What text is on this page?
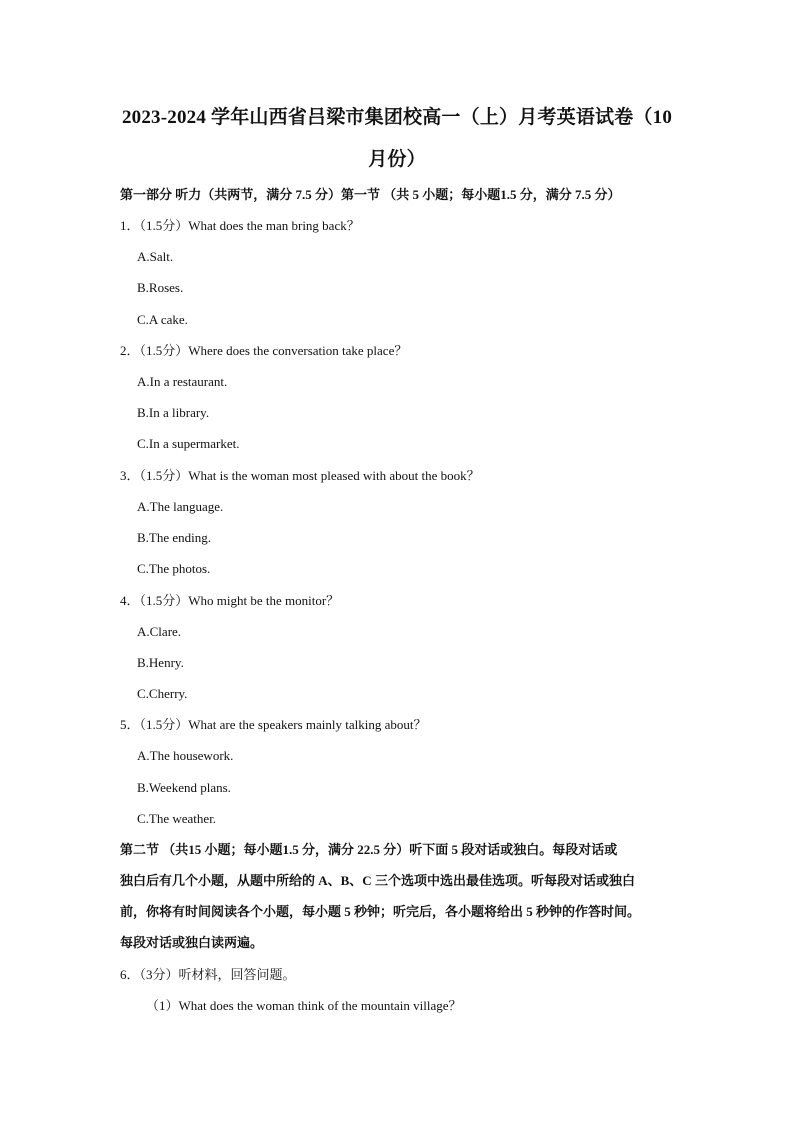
2023-2024 学年山西省吕梁市集团校高一（上）月考英语试卷（10
月份）
第一部分 听力（共两节，满分 7.5 分）第一节 （共 5 小题；每小题1.5 分，满分 7.5 分）
1．（1.5分）What does the man bring back？
A.Salt.
B.Roses.
C.A cake.
2．（1.5分）Where does the conversation take place？
A.In a restaurant.
B.In a library.
C.In a supermarket.
3．（1.5分）What is the woman most pleased with about the book？
A.The language.
B.The ending.
C.The photos.
4．（1.5分）Who might be the monitor？
A.Clare.
B.Henry.
C.Cherry.
5．（1.5分）What are the speakers mainly talking about？
A.The housework.
B.Weekend plans.
C.The weather.
第二节 （共15 小题；每小题1.5 分，满分 22.5 分）听下面 5 段对话或独白。每段对话或
独白后有几个小题，从题中所给的 A、B、C 三个选项中选出最佳选项。听每段对话或独白
前，你将有时间阅读各个小题，每小题 5 秒钟；听完后，各小题将给出 5 秒钟的作答时间。
每段对话或独白读两遍。
6．（3分）听材料，回答问题。
（1）What does the woman think of the mountain village？
